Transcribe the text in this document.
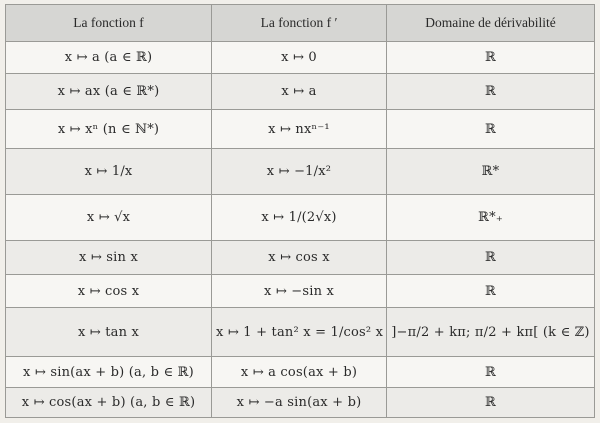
La fonction f	La fonction f ′	Domaine de dérivabilité
x ↦ a (a ∈ ℝ)	x ↦ 0	ℝ
x ↦ ax (a ∈ ℝ*)	x ↦ a	ℝ
x ↦ xⁿ (n ∈ ℕ*)	x ↦ nxⁿ⁻¹	ℝ
x ↦ 1/x	x ↦ −1/x²	ℝ*
x ↦ √x	x ↦ 1/(2√x)	ℝ*₊
x ↦ sin x	x ↦ cos x	ℝ
x ↦ cos x	x ↦ −sin x	ℝ
x ↦ tan x	x ↦ 1 + tan² x = 1/cos² x	]−π/2 + kπ; π/2 + kπ[ (k ∈ ℤ)
x ↦ sin(ax + b) (a, b ∈ ℝ)	x ↦ a cos(ax + b)	ℝ
x ↦ cos(ax + b) (a, b ∈ ℝ)	x ↦ −a sin(ax + b)	ℝ
